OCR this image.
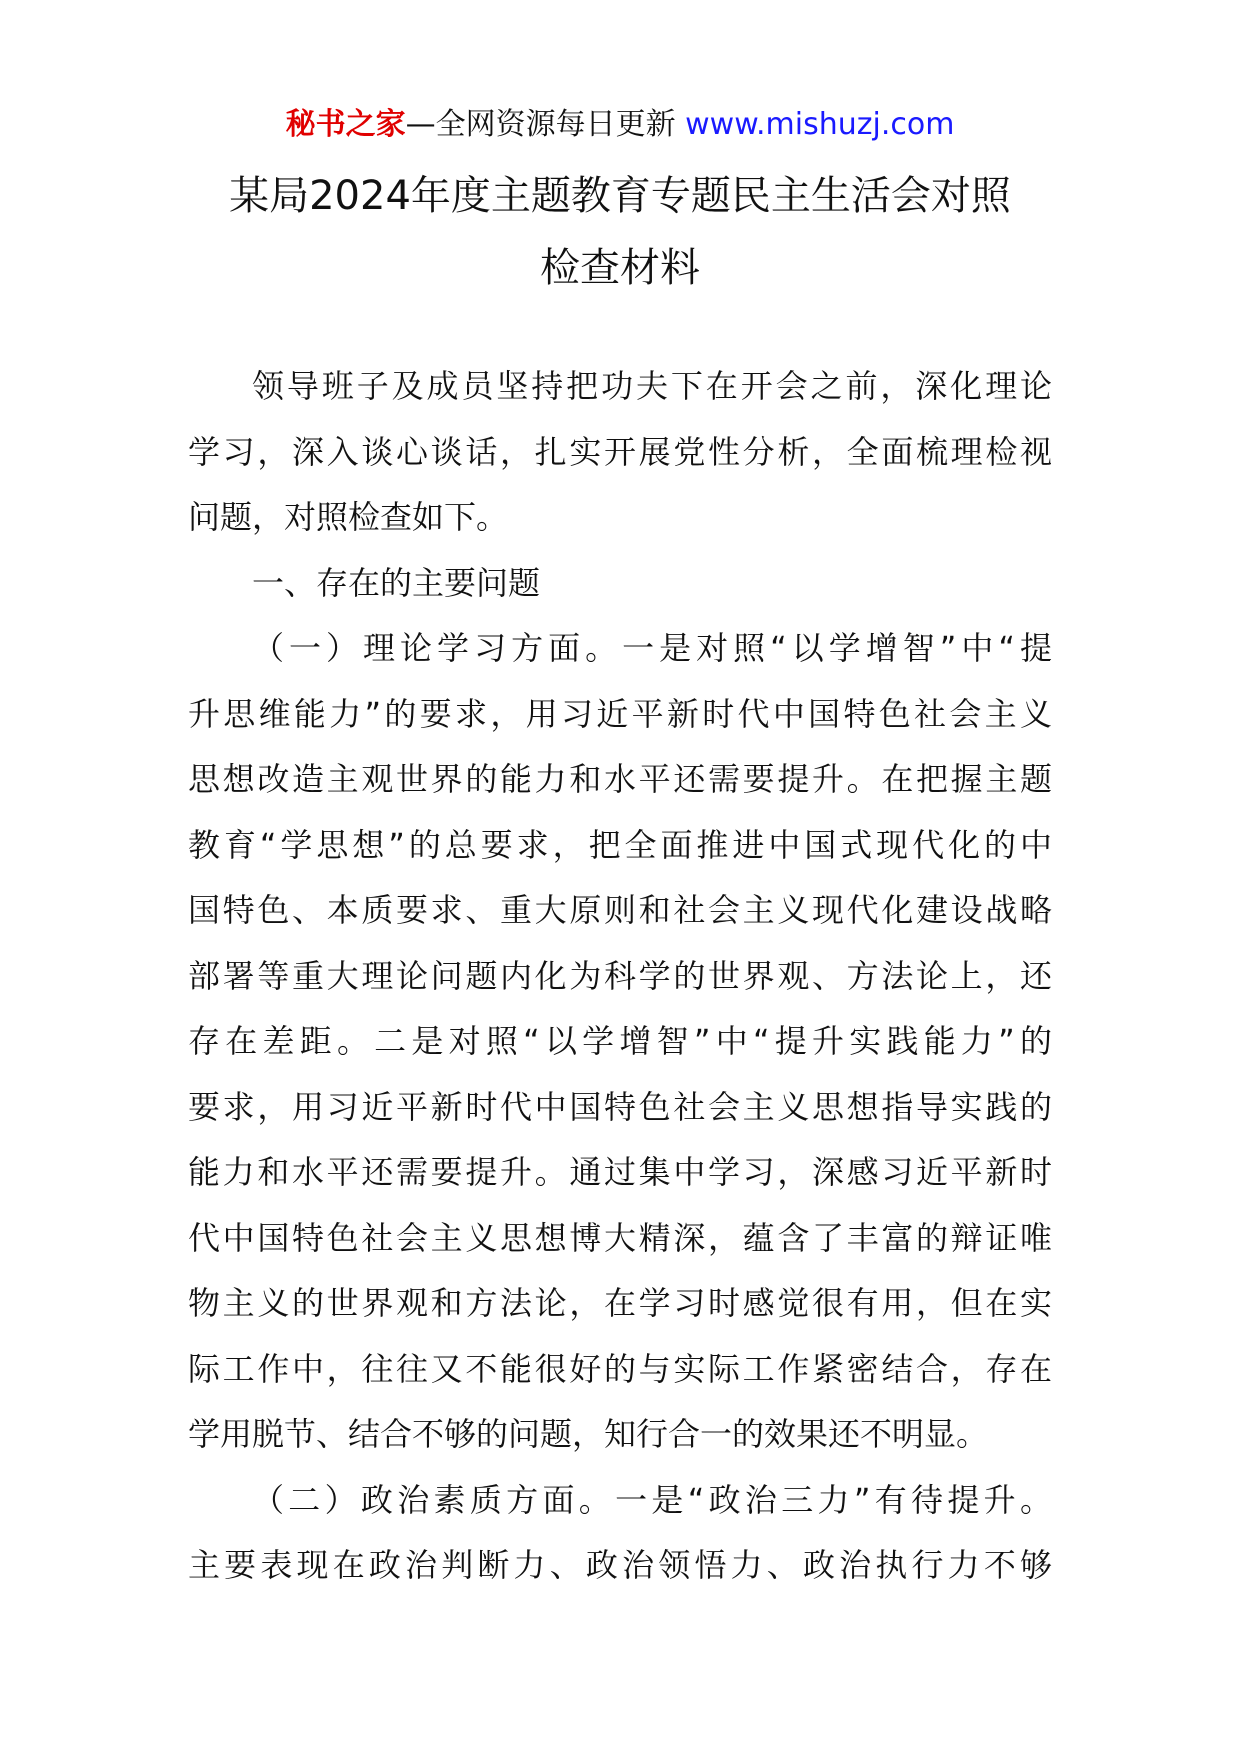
秘书之家—全网资源每日更新 www.mishuzj.com
某局2024年度主题教育专题民主生活会对照
检查材料
领导班子及成员坚持把功夫下在开会之前，深化理论
学习，深入谈心谈话，扎实开展党性分析，全面梳理检视
问题，对照检查如下。
一、存在的主要问题
（一）理论学习方面。一是对照“以学增智”中“提
升思维能力”的要求，用习近平新时代中国特色社会主义
思想改造主观世界的能力和水平还需要提升。在把握主题
教育“学思想”的总要求，把全面推进中国式现代化的中
国特色、本质要求、重大原则和社会主义现代化建设战略
部署等重大理论问题内化为科学的世界观、方法论上，还
存在差距。二是对照“以学增智”中“提升实践能力”的
要求，用习近平新时代中国特色社会主义思想指导实践的
能力和水平还需要提升。通过集中学习，深感习近平新时
代中国特色社会主义思想博大精深，蕴含了丰富的辩证唯
物主义的世界观和方法论，在学习时感觉很有用，但在实
际工作中，往往又不能很好的与实际工作紧密结合，存在
学用脱节、结合不够的问题，知行合一的效果还不明显。
（二）政治素质方面。一是“政治三力”有待提升。
主要表现在政治判断力、政治领悟力、政治执行力不够
